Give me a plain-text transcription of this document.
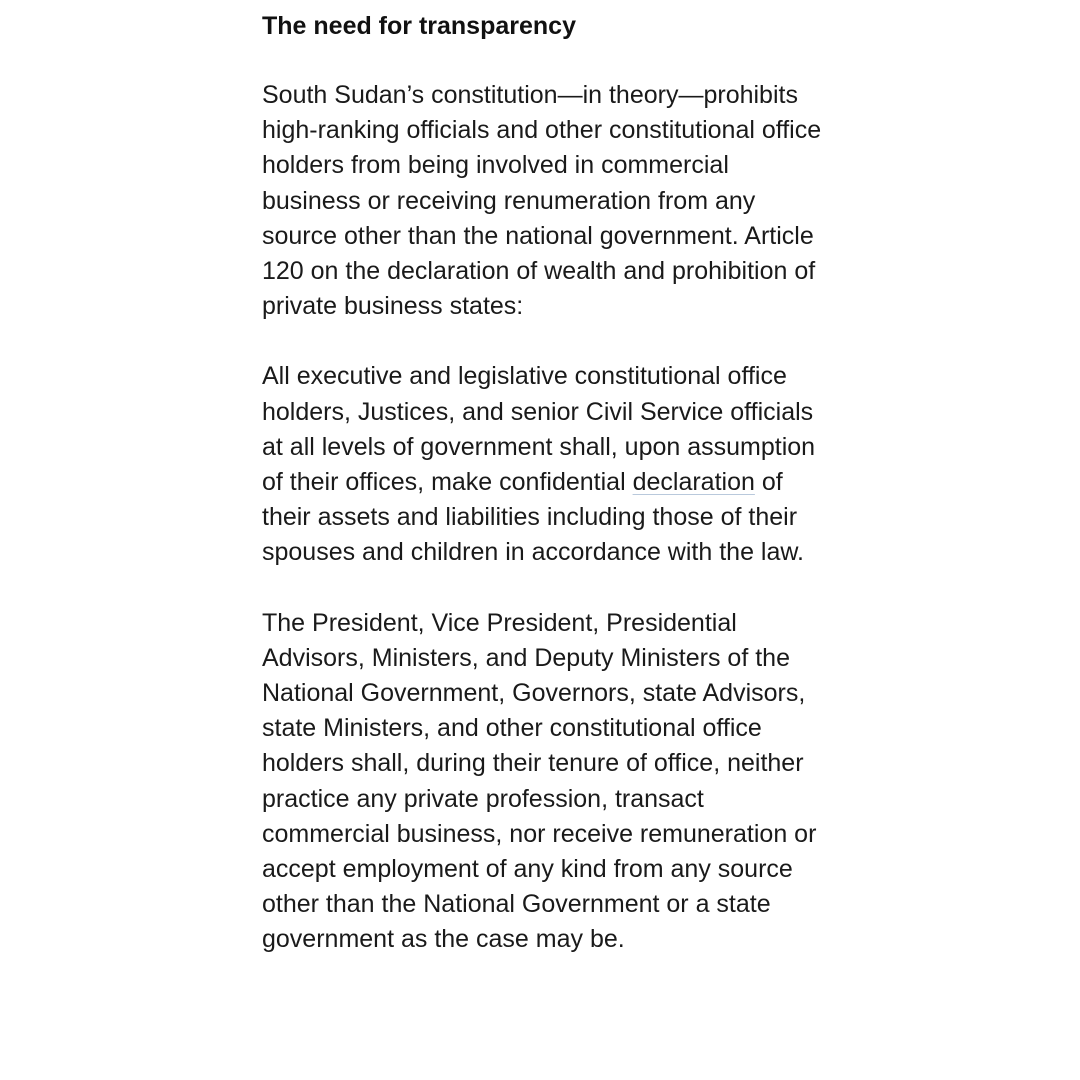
The need for transparency

South Sudan’s constitution—in theory—prohibits high-ranking officials and other constitutional office holders from being involved in commercial business or receiving renumeration from any source other than the national government. Article 120 on the declaration of wealth and prohibition of private business states:

All executive and legislative constitutional office holders, Justices, and senior Civil Service officials at all levels of government shall, upon assumption of their offices, make confidential declaration of their assets and liabilities including those of their spouses and children in accordance with the law.

The President, Vice President, Presidential Advisors, Ministers, and Deputy Ministers of the National Government, Governors, state Advisors, state Ministers, and other constitutional office holders shall, during their tenure of office, neither practice any private profession, transact commercial business, nor receive remuneration or accept employment of any kind from any source other than the National Government or a state government as the case may be.
